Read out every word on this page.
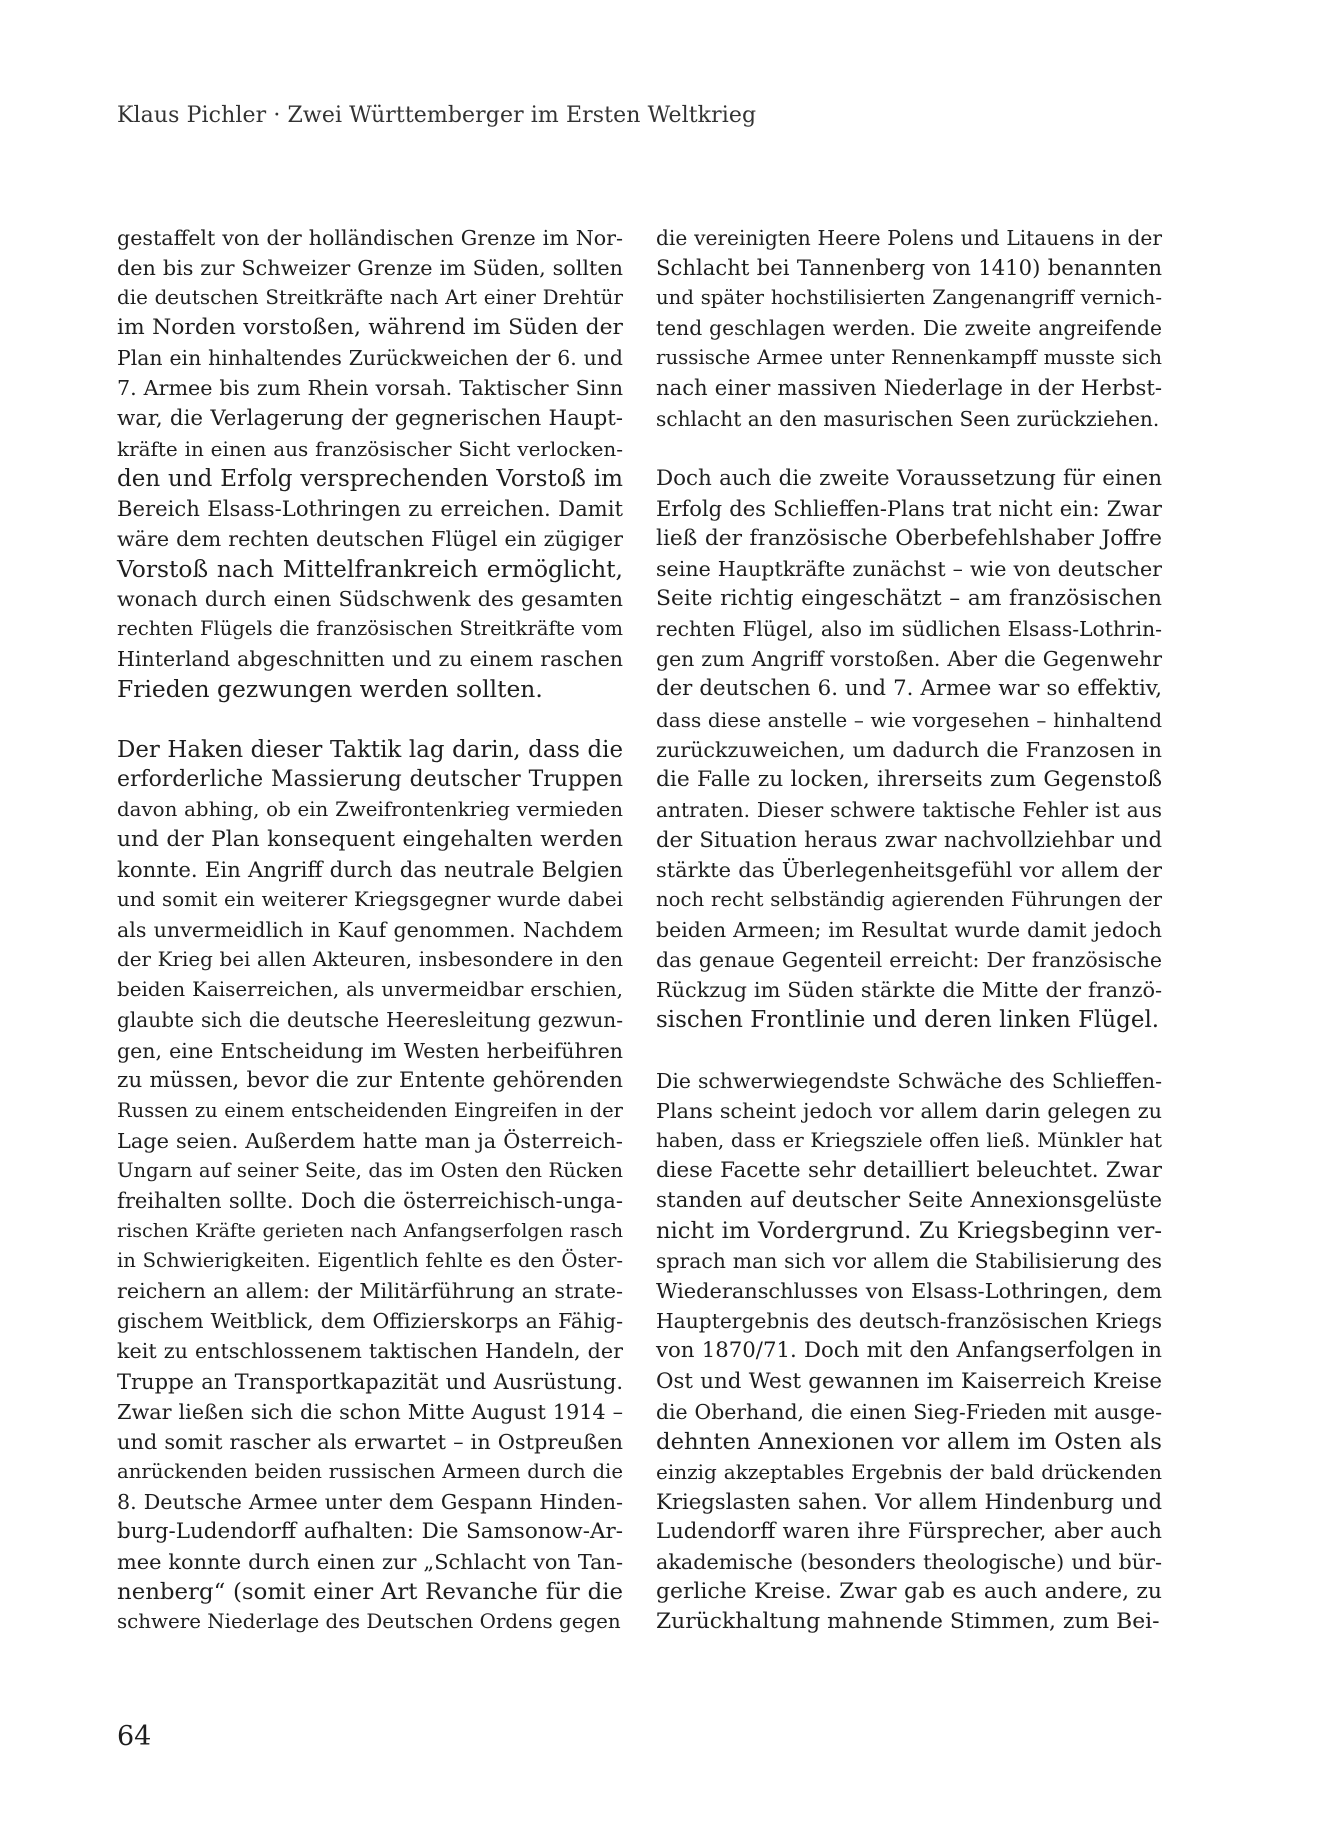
Klaus Pichler · Zwei Württemberger im Ersten Weltkrieg
gestaffelt von der holländischen Grenze im Nor-
den bis zur Schweizer Grenze im Süden, sollten
die deutschen Streitkräfte nach Art einer Drehtür
im Norden vorstoßen, während im Süden der
Plan ein hinhaltendes Zurückweichen der 6. und
7. Armee bis zum Rhein vorsah. Taktischer Sinn
war, die Verlagerung der gegnerischen Haupt-
kräfte in einen aus französischer Sicht verlocken-
den und Erfolg versprechenden Vorstoß im
Bereich Elsass-Lothringen zu erreichen. Damit
wäre dem rechten deutschen Flügel ein zügiger
Vorstoß nach Mittelfrankreich ermöglicht,
wonach durch einen Südschwenk des gesamten
rechten Flügels die französischen Streitkräfte vom
Hinterland abgeschnitten und zu einem raschen
Frieden gezwungen werden sollten.
Der Haken dieser Taktik lag darin, dass die
erforderliche Massierung deutscher Truppen
davon abhing, ob ein Zweifrontenkrieg vermieden
und der Plan konsequent eingehalten werden
konnte. Ein Angriff durch das neutrale Belgien
und somit ein weiterer Kriegsgegner wurde dabei
als unvermeidlich in Kauf genommen. Nachdem
der Krieg bei allen Akteuren, insbesondere in den
beiden Kaiserreichen, als unvermeidbar erschien,
glaubte sich die deutsche Heeresleitung gezwun-
gen, eine Entscheidung im Westen herbeiführen
zu müssen, bevor die zur Entente gehörenden
Russen zu einem entscheidenden Eingreifen in der
Lage seien. Außerdem hatte man ja Österreich-
Ungarn auf seiner Seite, das im Osten den Rücken
freihalten sollte. Doch die österreichisch-unga-
rischen Kräfte gerieten nach Anfangserfolgen rasch
in Schwierigkeiten. Eigentlich fehlte es den Öster-
reichern an allem: der Militärführung an strate-
gischem Weitblick, dem Offizierskorps an Fähig-
keit zu entschlossenem taktischen Handeln, der
Truppe an Transportkapazität und Ausrüstung.
Zwar ließen sich die schon Mitte August 1914 –
und somit rascher als erwartet – in Ostpreußen
anrückenden beiden russischen Armeen durch die
8. Deutsche Armee unter dem Gespann Hinden-
burg-Ludendorff aufhalten: Die Samsonow-Ar-
mee konnte durch einen zur „Schlacht von Tan-
nenberg“ (somit einer Art Revanche für die
schwere Niederlage des Deutschen Ordens gegen
die vereinigten Heere Polens und Litauens in der
Schlacht bei Tannenberg von 1410) benannten
und später hochstilisierten Zangenangriff vernich-
tend geschlagen werden. Die zweite angreifende
russische Armee unter Rennenkampff musste sich
nach einer massiven Niederlage in der Herbst-
schlacht an den masurischen Seen zurückziehen.
Doch auch die zweite Voraussetzung für einen
Erfolg des Schlieffen-Plans trat nicht ein: Zwar
ließ der französische Oberbefehlshaber Joffre
seine Hauptkräfte zunächst – wie von deutscher
Seite richtig eingeschätzt – am französischen
rechten Flügel, also im südlichen Elsass-Lothrin-
gen zum Angriff vorstoßen. Aber die Gegenwehr
der deutschen 6. und 7. Armee war so effektiv,
dass diese anstelle – wie vorgesehen – hinhaltend
zurückzuweichen, um dadurch die Franzosen in
die Falle zu locken, ihrerseits zum Gegenstoß
antraten. Dieser schwere taktische Fehler ist aus
der Situation heraus zwar nachvollziehbar und
stärkte das Überlegenheitsgefühl vor allem der
noch recht selbständig agierenden Führungen der
beiden Armeen; im Resultat wurde damit jedoch
das genaue Gegenteil erreicht: Der französische
Rückzug im Süden stärkte die Mitte der franzö-
sischen Frontlinie und deren linken Flügel.
Die schwerwiegendste Schwäche des Schlieffen-
Plans scheint jedoch vor allem darin gelegen zu
haben, dass er Kriegsziele offen ließ. Münkler hat
diese Facette sehr detailliert beleuchtet. Zwar
standen auf deutscher Seite Annexionsgelüste
nicht im Vordergrund. Zu Kriegsbeginn ver-
sprach man sich vor allem die Stabilisierung des
Wiederanschlusses von Elsass-Lothringen, dem
Hauptergebnis des deutsch-französischen Kriegs
von 1870/71. Doch mit den Anfangserfolgen in
Ost und West gewannen im Kaiserreich Kreise
die Oberhand, die einen Sieg-Frieden mit ausge-
dehnten Annexionen vor allem im Osten als
einzig akzeptables Ergebnis der bald drückenden
Kriegslasten sahen. Vor allem Hindenburg und
Ludendorff waren ihre Fürsprecher, aber auch
akademische (besonders theologische) und bür-
gerliche Kreise. Zwar gab es auch andere, zu
Zurückhaltung mahnende Stimmen, zum Bei-
64
